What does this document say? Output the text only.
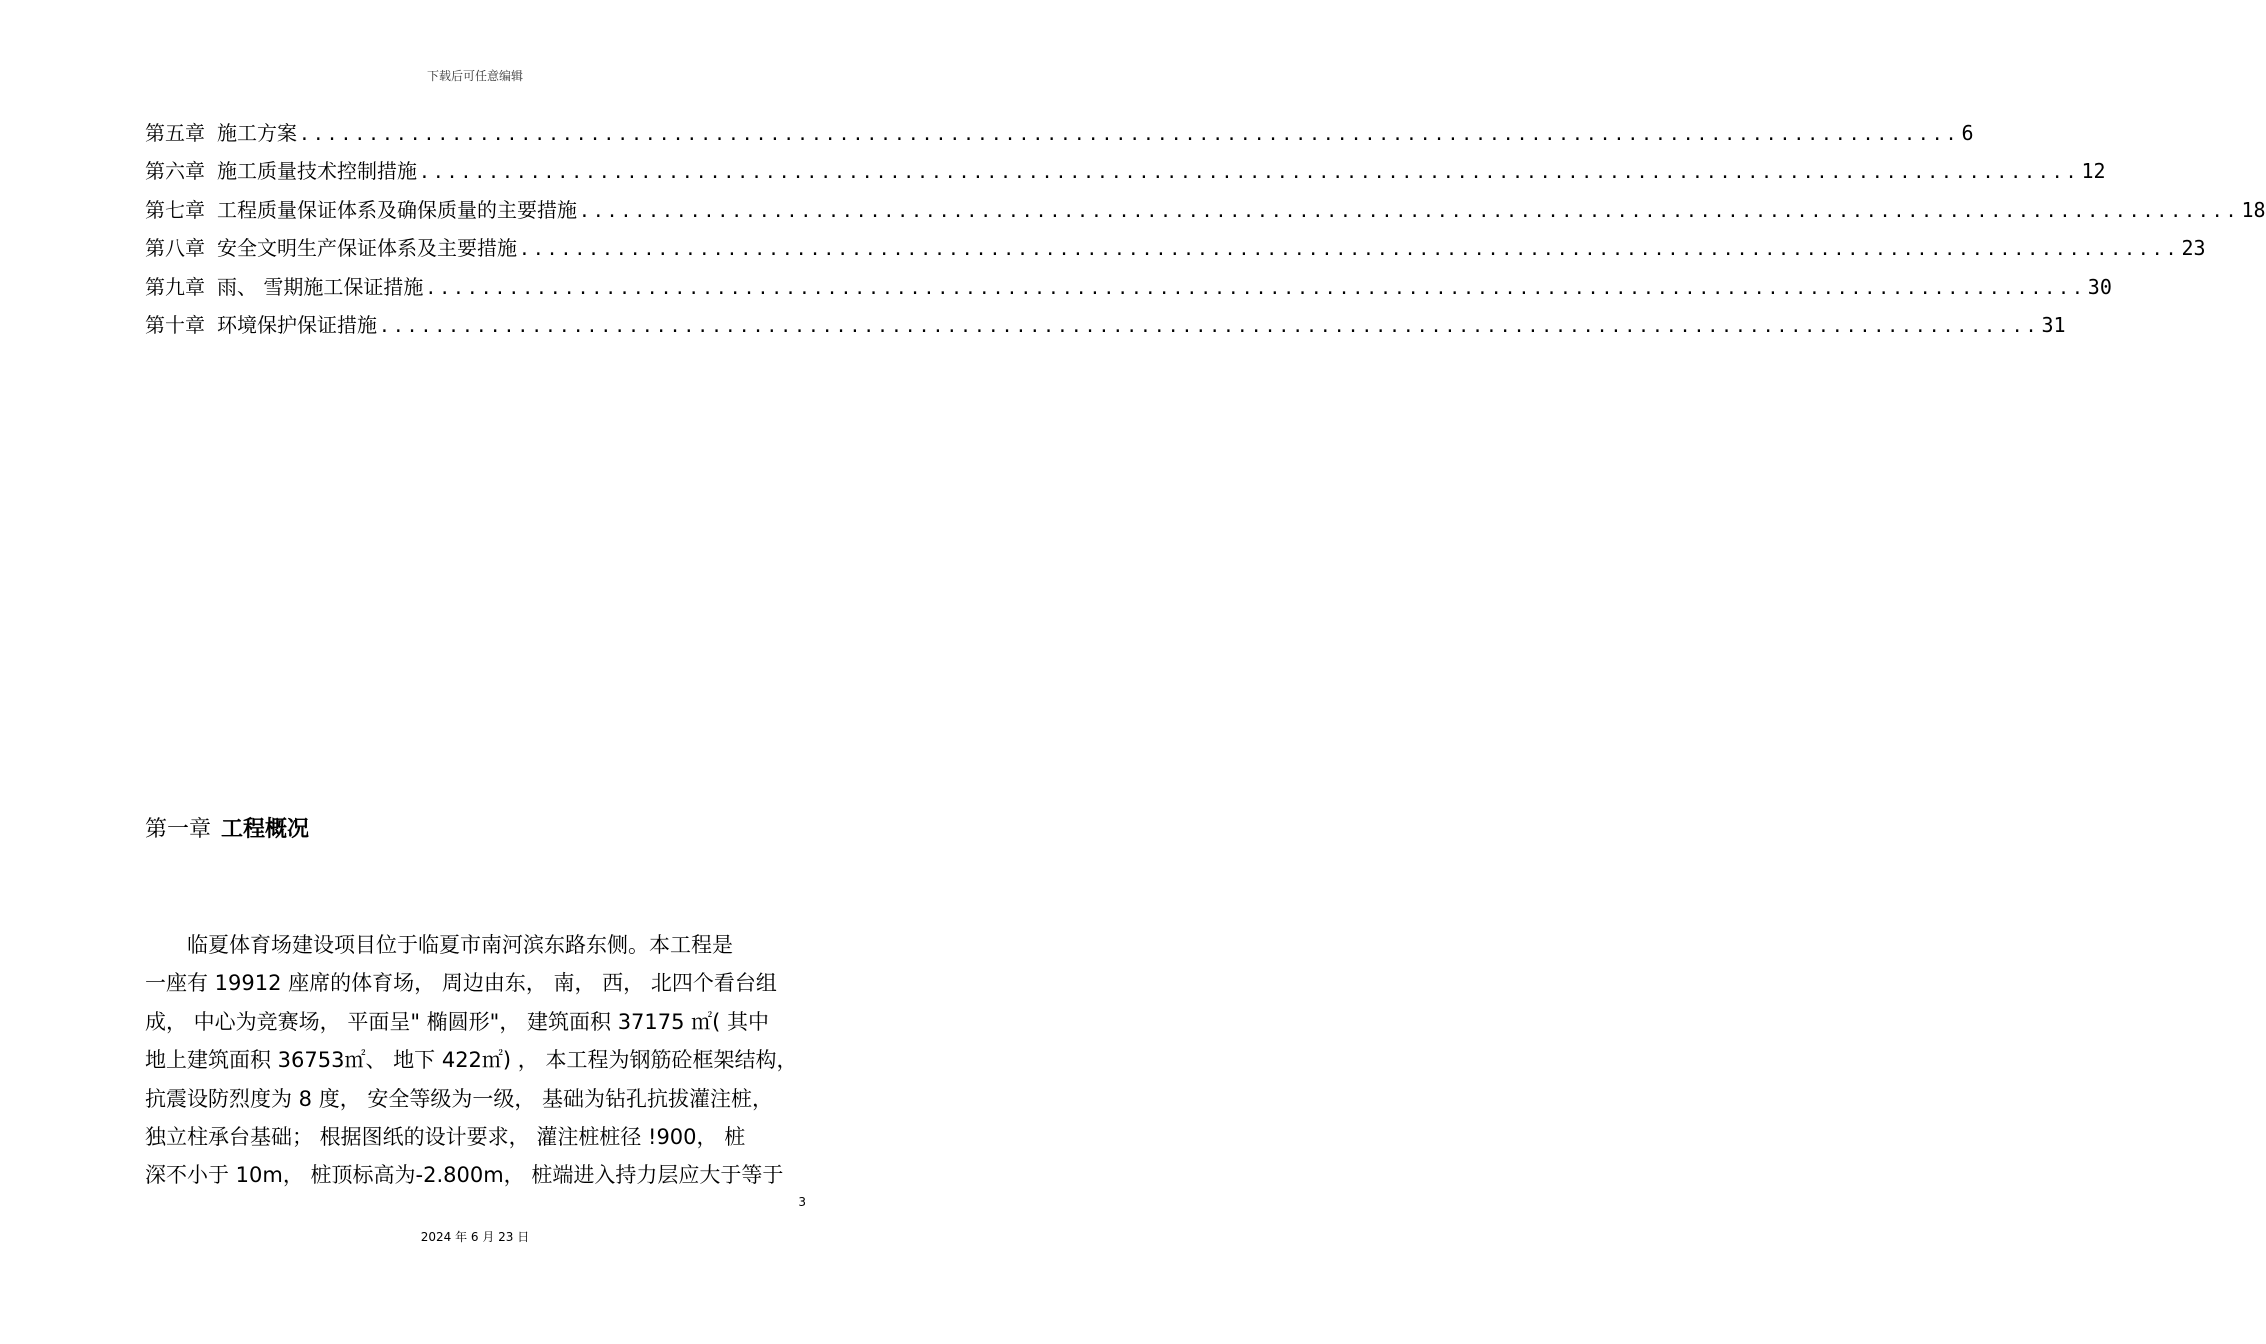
下载后可任意编辑
第五章 施工方案 ........................................................................................................................ 6
第六章 施工质量技术控制措施 ........................................................................................................................ 12
第七章 工程质量保证体系及确保质量的主要措施 ........................................................................................................................ 18
第八章 安全文明生产保证体系及主要措施 ........................................................................................................................ 23
第九章 雨、 雪期施工保证措施 ........................................................................................................................ 30
第十章 环境保护保证措施 ........................................................................................................................ 31
第一章 工程概况
　　临夏体育场建设项目位于临夏市南河滨东路东侧。本工程是
一座有 19912 座席的体育场， 周边由东， 南， 西， 北四个看台组
成， 中心为竞赛场， 平面呈" 椭圆形"， 建筑面积 37175 ㎡( 其中
地上建筑面积 36753㎡、 地下 422㎡) ， 本工程为钢筋砼框架结构，
抗震设防烈度为 8 度， 安全等级为一级， 基础为钻孔抗拔灌注桩，
独立柱承台基础； 根据图纸的设计要求， 灌注桩桩径 !900， 桩
深不小于 10m， 桩顶标高为-2.800m， 桩端进入持力层应大于等于
3
2024 年 6 月 23 日
